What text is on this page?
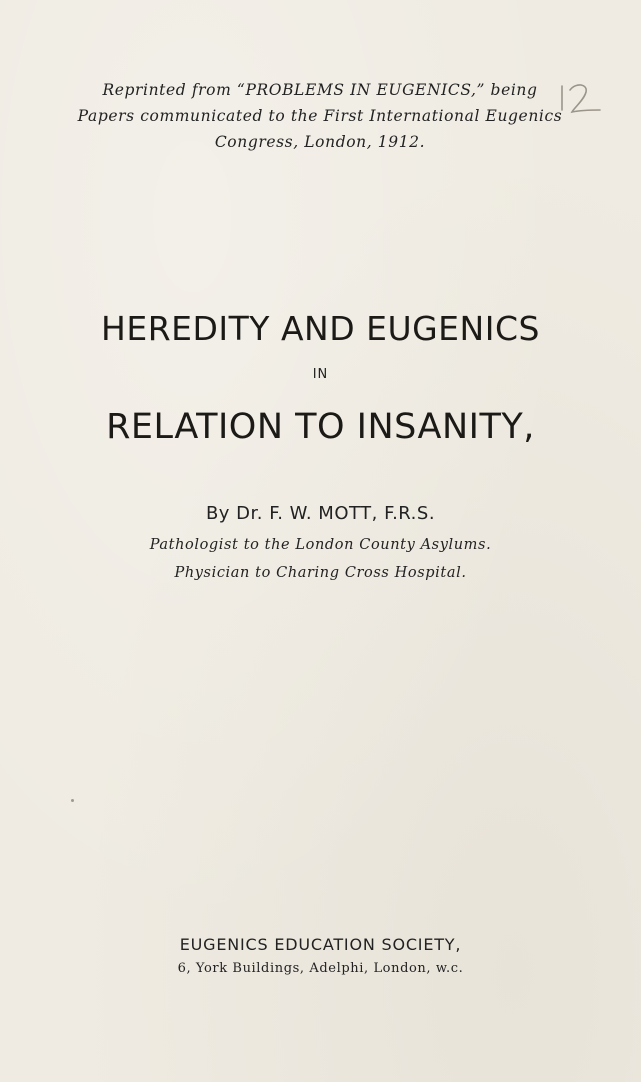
Reprinted from “PROBLEMS IN EUGENICS,” being
Papers communicated to the First International Eugenics
Congress, London, 1912.
HEREDITY AND EUGENICS
IN
RELATION TO INSANITY,
By Dr. F. W. MOTT, F.R.S.
Pathologist to the London County Asylums.
Physician to Charing Cross Hospital.
EUGENICS EDUCATION SOCIETY,
6, York Buildings, Adelphi, London, w.c.
